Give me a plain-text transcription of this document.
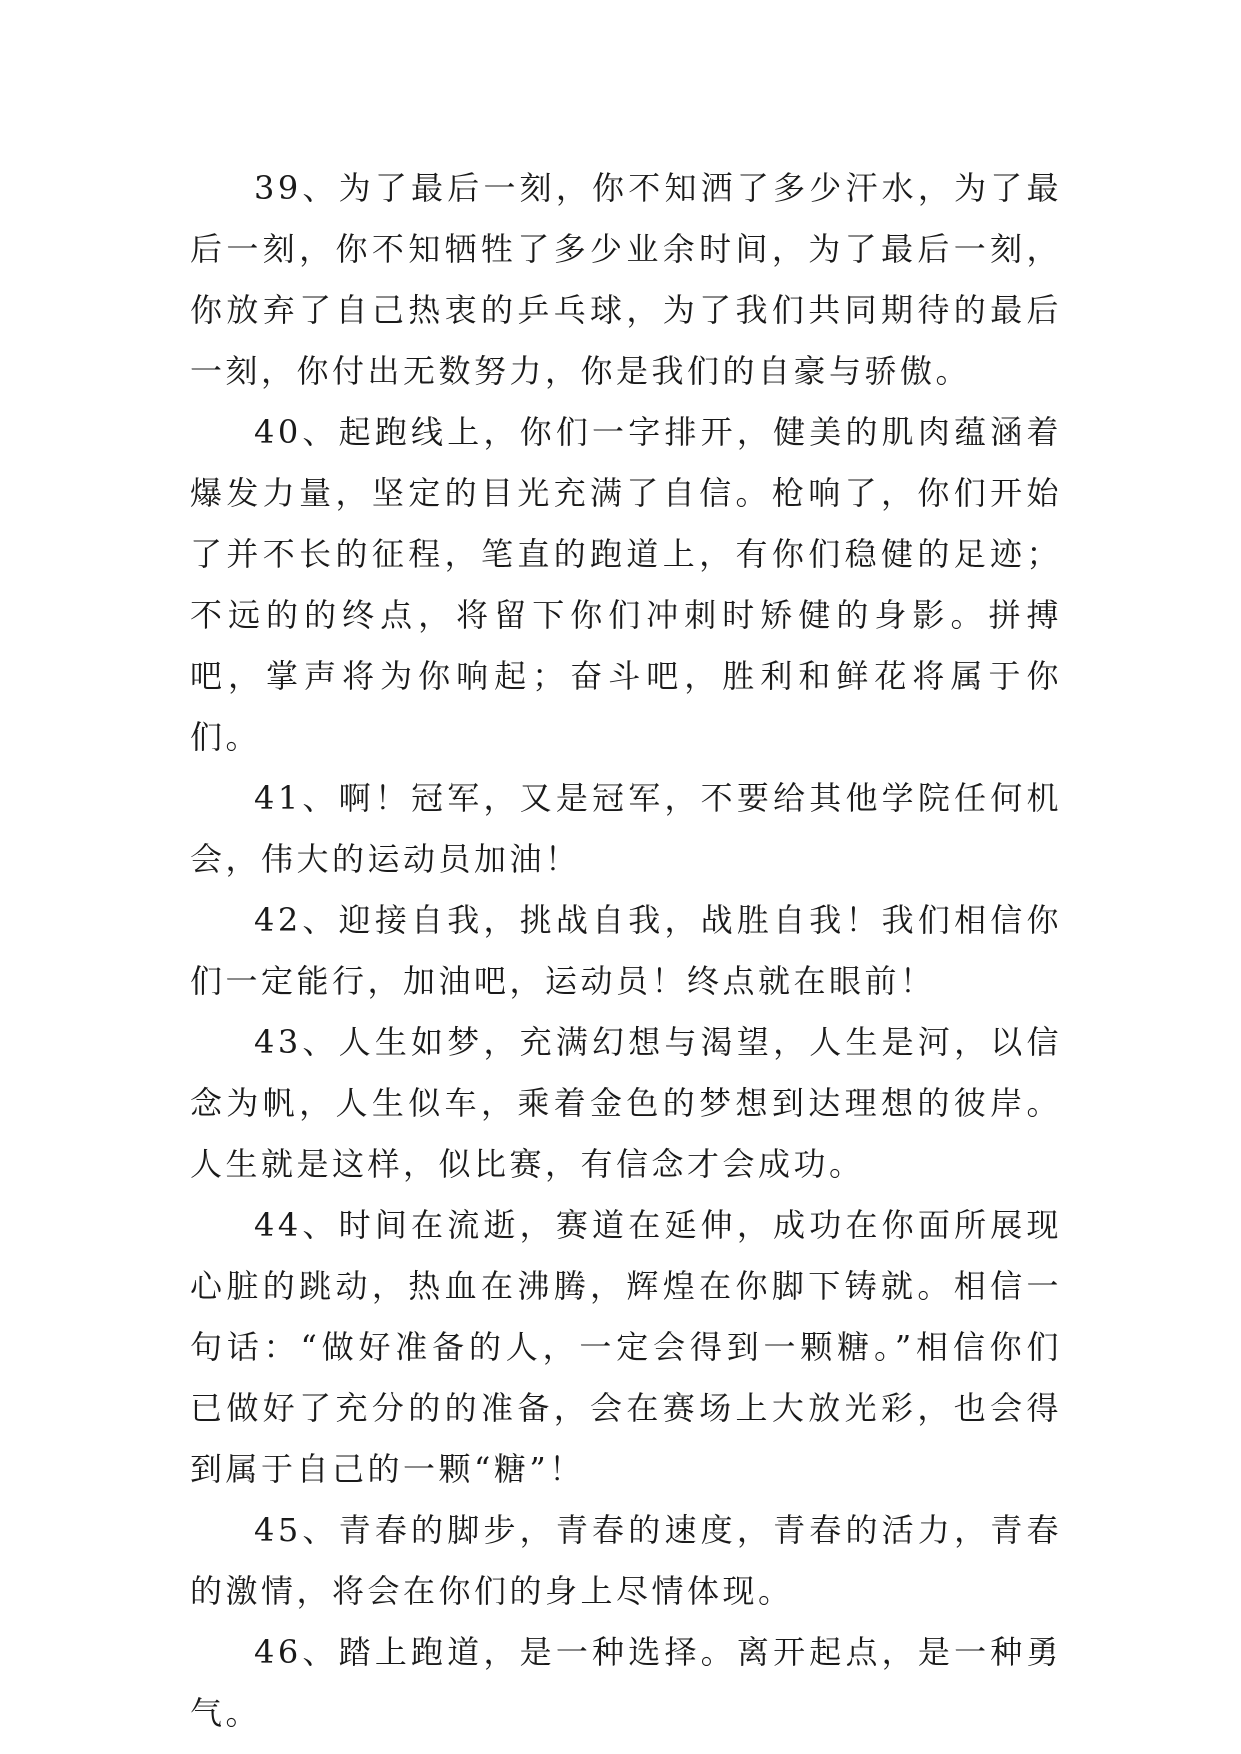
39、为了最后一刻，你不知洒了多少汗水，为了最后一刻，你不知牺牲了多少业余时间，为了最后一刻，你放弃了自己热衷的乒乓球，为了我们共同期待的最后一刻，你付出无数努力，你是我们的自豪与骄傲。

40、起跑线上，你们一字排开，健美的肌肉蕴涵着爆发力量，坚定的目光充满了自信。枪响了，你们开始了并不长的征程，笔直的跑道上，有你们稳健的足迹；不远的的终点，将留下你们冲刺时矫健的身影。拼搏吧，掌声将为你响起；奋斗吧，胜利和鲜花将属于你们。

41、啊！冠军，又是冠军，不要给其他学院任何机会，伟大的运动员加油！

42、迎接自我，挑战自我，战胜自我！我们相信你们一定能行，加油吧，运动员！终点就在眼前！

43、人生如梦，充满幻想与渴望，人生是河，以信念为帆，人生似车，乘着金色的梦想到达理想的彼岸。人生就是这样，似比赛，有信念才会成功。

44、时间在流逝，赛道在延伸，成功在你面所展现心脏的跳动，热血在沸腾，辉煌在你脚下铸就。相信一句话：“做好准备的人，一定会得到一颗糖。”相信你们已做好了充分的的准备，会在赛场上大放光彩，也会得到属于自己的一颗“糖”！

45、青春的脚步，青春的速度，青春的活力，青春的激情，将会在你们的身上尽情体现。

46、踏上跑道，是一种选择。离开起点，是一种勇气。
